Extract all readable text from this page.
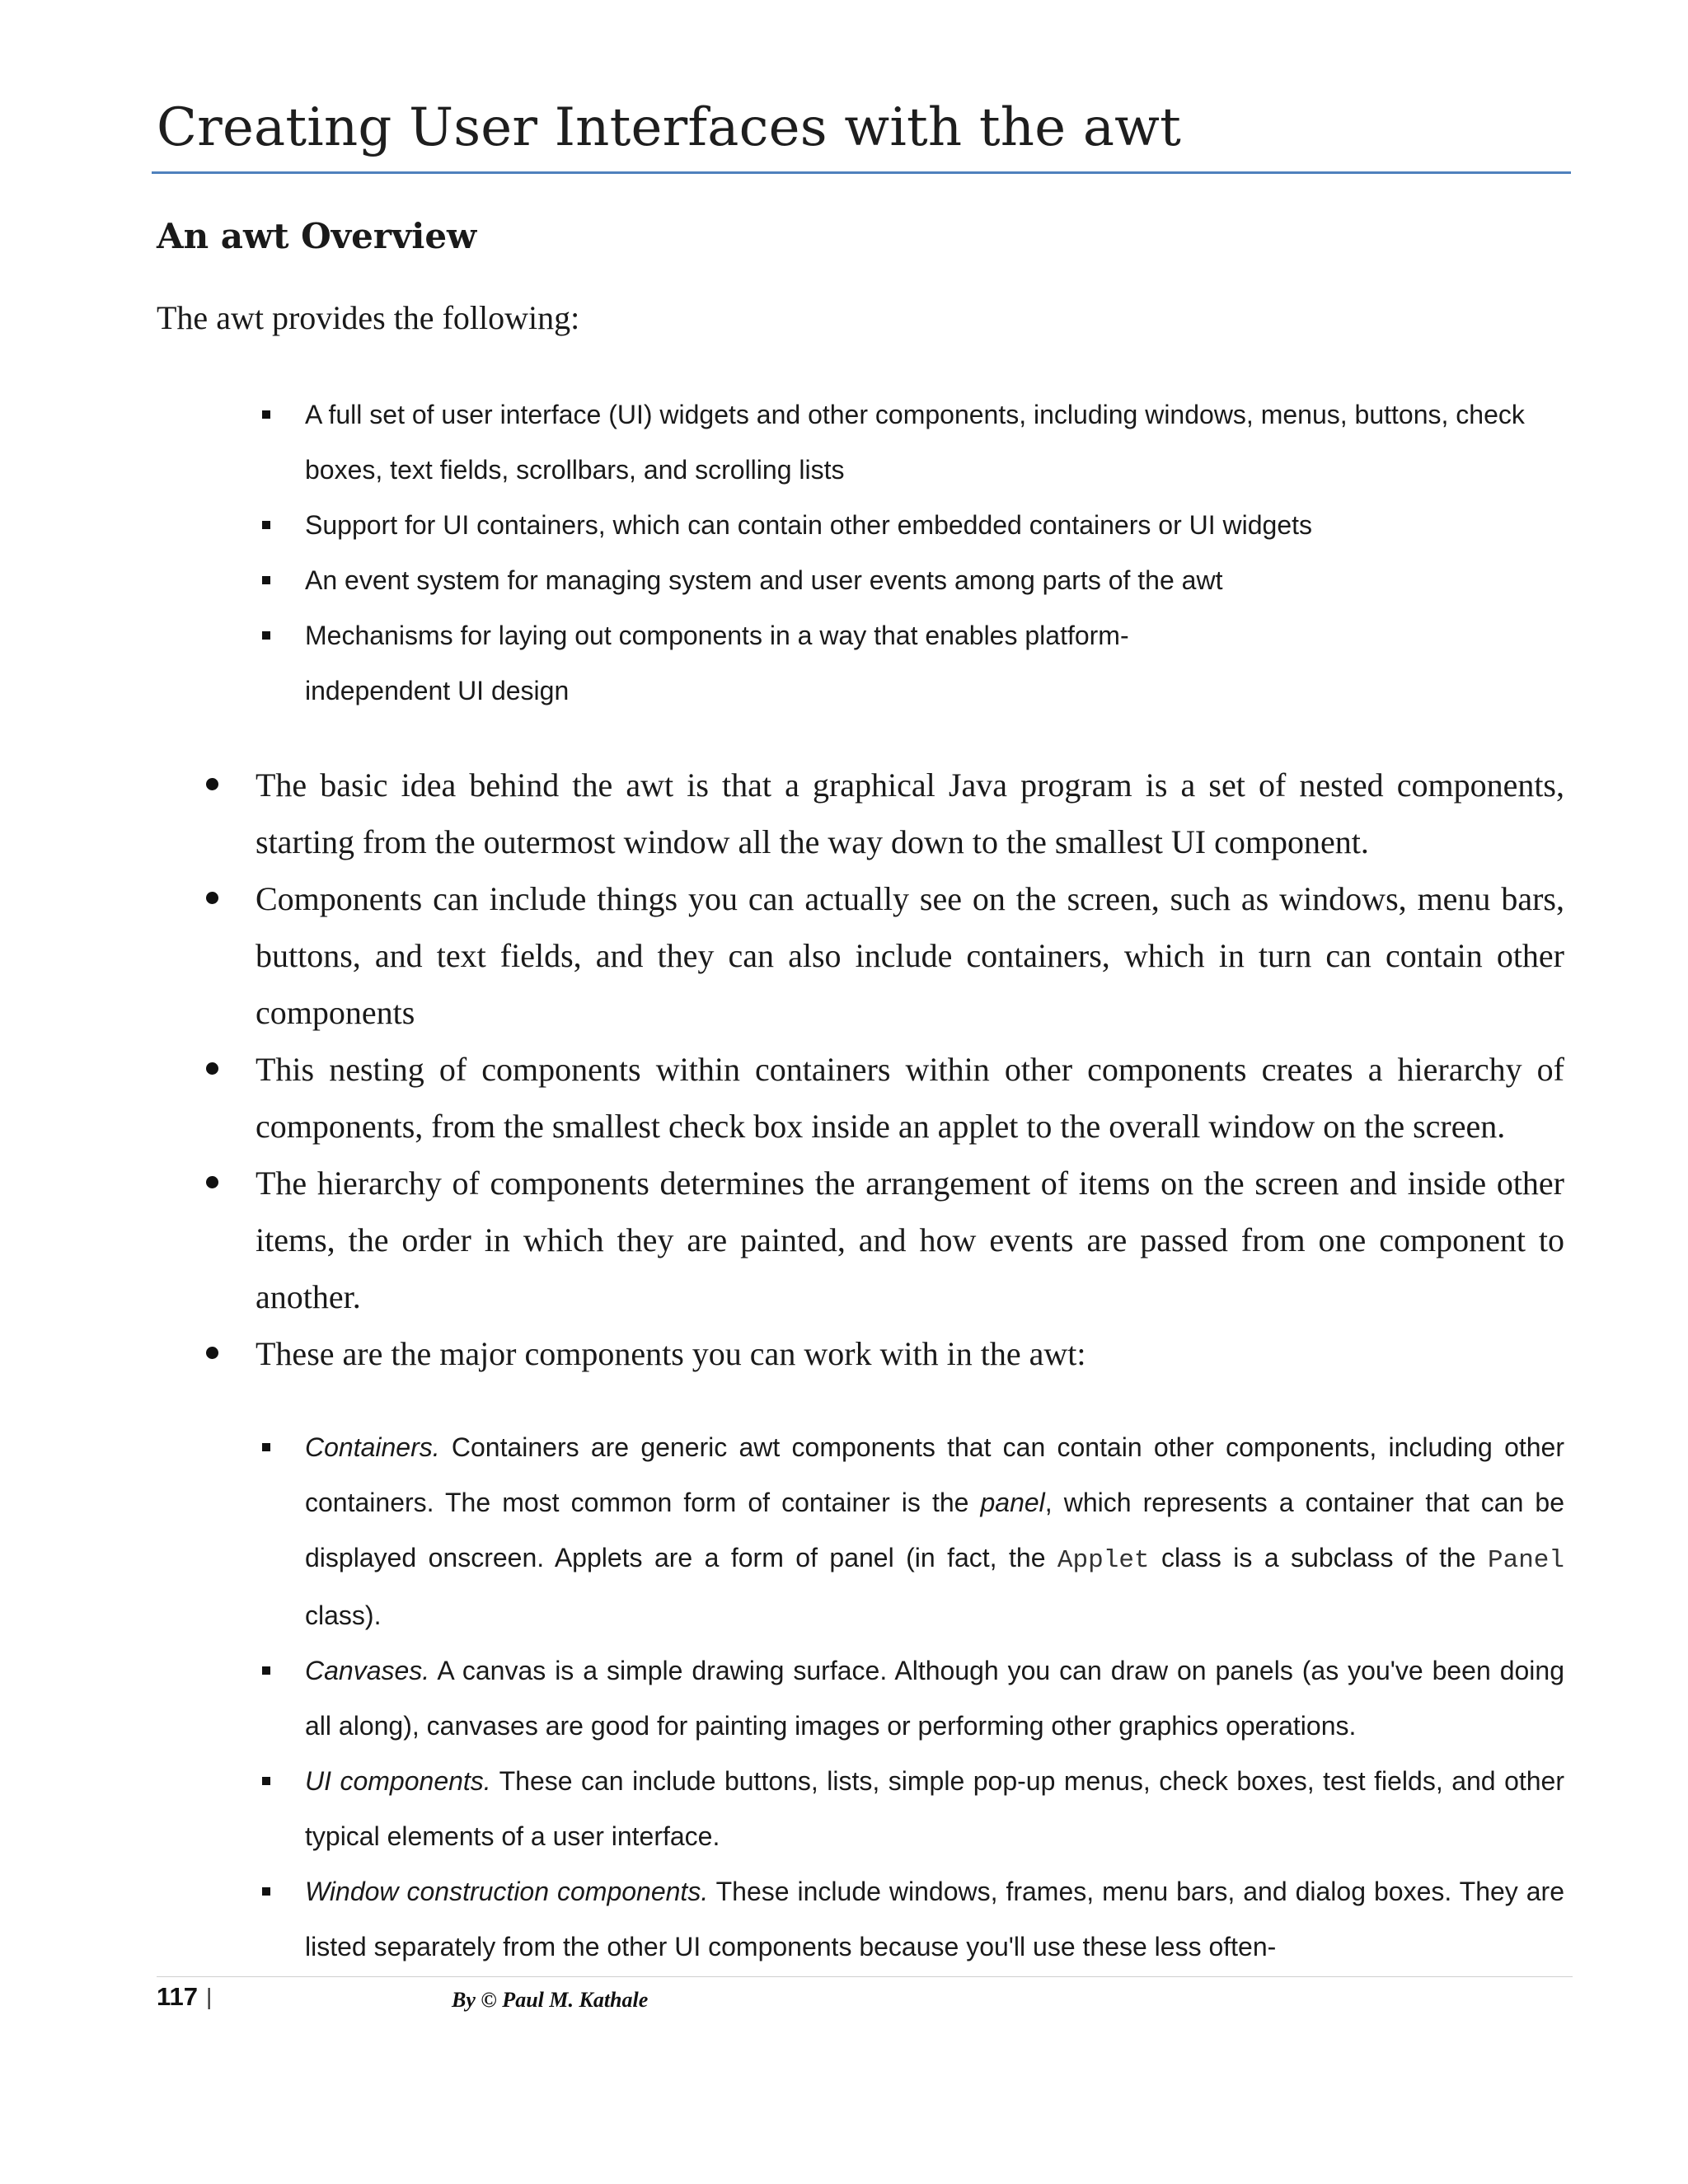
Creating User Interfaces with the awt
An awt Overview

The awt provides the following:

A full set of user interface (UI) widgets and other components, including windows, menus, buttons, check boxes, text fields, scrollbars, and scrolling lists
Support for UI containers, which can contain other embedded containers or UI widgets
An event system for managing system and user events among parts of the awt
Mechanisms for laying out components in a way that enables platform-
independent UI design
The basic idea behind the awt is that a graphical Java program is a set of nested components, starting from the outermost window all the way down to the smallest UI component.
Components can include things you can actually see on the screen, such as windows, menu bars, buttons, and text fields, and they can also include containers, which in turn can contain other components
This nesting of components within containers within other components creates a hierarchy of components, from the smallest check box inside an applet to the overall window on the screen.
The hierarchy of components determines the arrangement of items on the screen and inside other items, the order in which they are painted, and how events are passed from one component to another.
These are the major components you can work with in the awt:
Containers. Containers are generic awt components that can contain other components, including other containers. The most common form of container is the panel, which represents a container that can be displayed onscreen. Applets are a form of panel (in fact, the Applet class is a subclass of the Panel class).
Canvases. A canvas is a simple drawing surface. Although you can draw on panels (as you've been doing all along), canvases are good for painting images or performing other graphics operations.
UI components. These can include buttons, lists, simple pop-up menus, check boxes, test fields, and other typical elements of a user interface.
Window construction components. These include windows, frames, menu bars, and dialog boxes. They are listed separately from the other UI components because you'll use these less often-
117 |	By © Paul M. Kathale
